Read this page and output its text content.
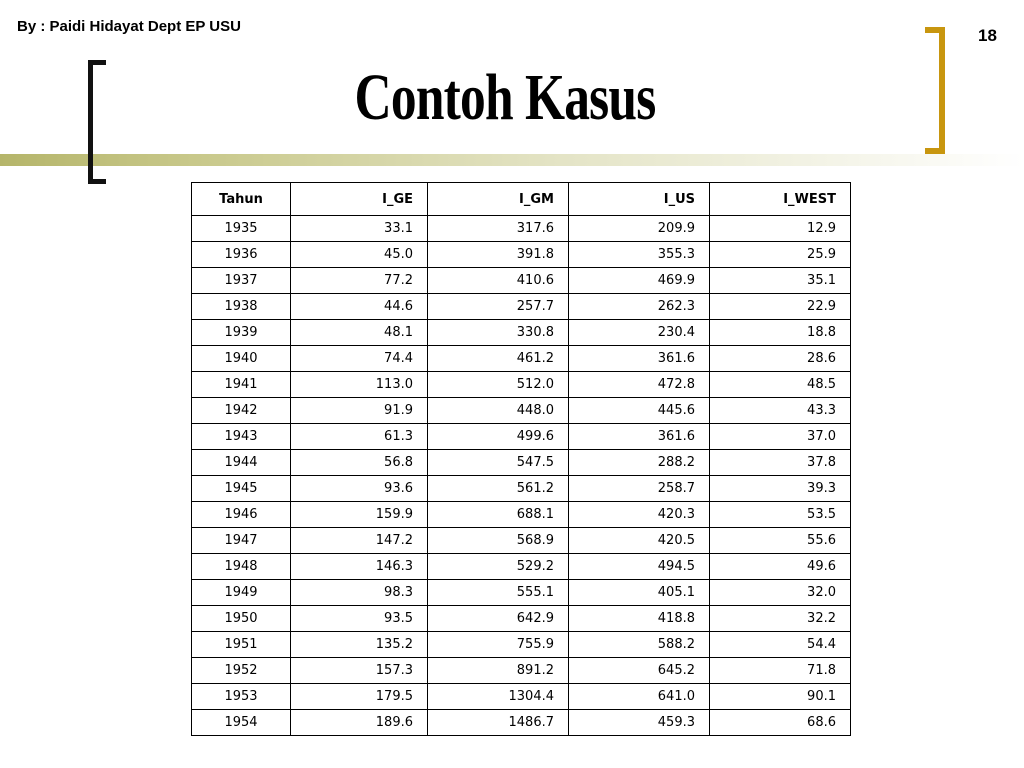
By : Paidi Hidayat Dept EP USU	18
Contoh Kasus
Tahun	I_GE	I_GM	I_US	I_WEST
1935	33.1	317.6	209.9	12.9
1936	45.0	391.8	355.3	25.9
1937	77.2	410.6	469.9	35.1
1938	44.6	257.7	262.3	22.9
1939	48.1	330.8	230.4	18.8
1940	74.4	461.2	361.6	28.6
1941	113.0	512.0	472.8	48.5
1942	91.9	448.0	445.6	43.3
1943	61.3	499.6	361.6	37.0
1944	56.8	547.5	288.2	37.8
1945	93.6	561.2	258.7	39.3
1946	159.9	688.1	420.3	53.5
1947	147.2	568.9	420.5	55.6
1948	146.3	529.2	494.5	49.6
1949	98.3	555.1	405.1	32.0
1950	93.5	642.9	418.8	32.2
1951	135.2	755.9	588.2	54.4
1952	157.3	891.2	645.2	71.8
1953	179.5	1304.4	641.0	90.1
1954	189.6	1486.7	459.3	68.6
